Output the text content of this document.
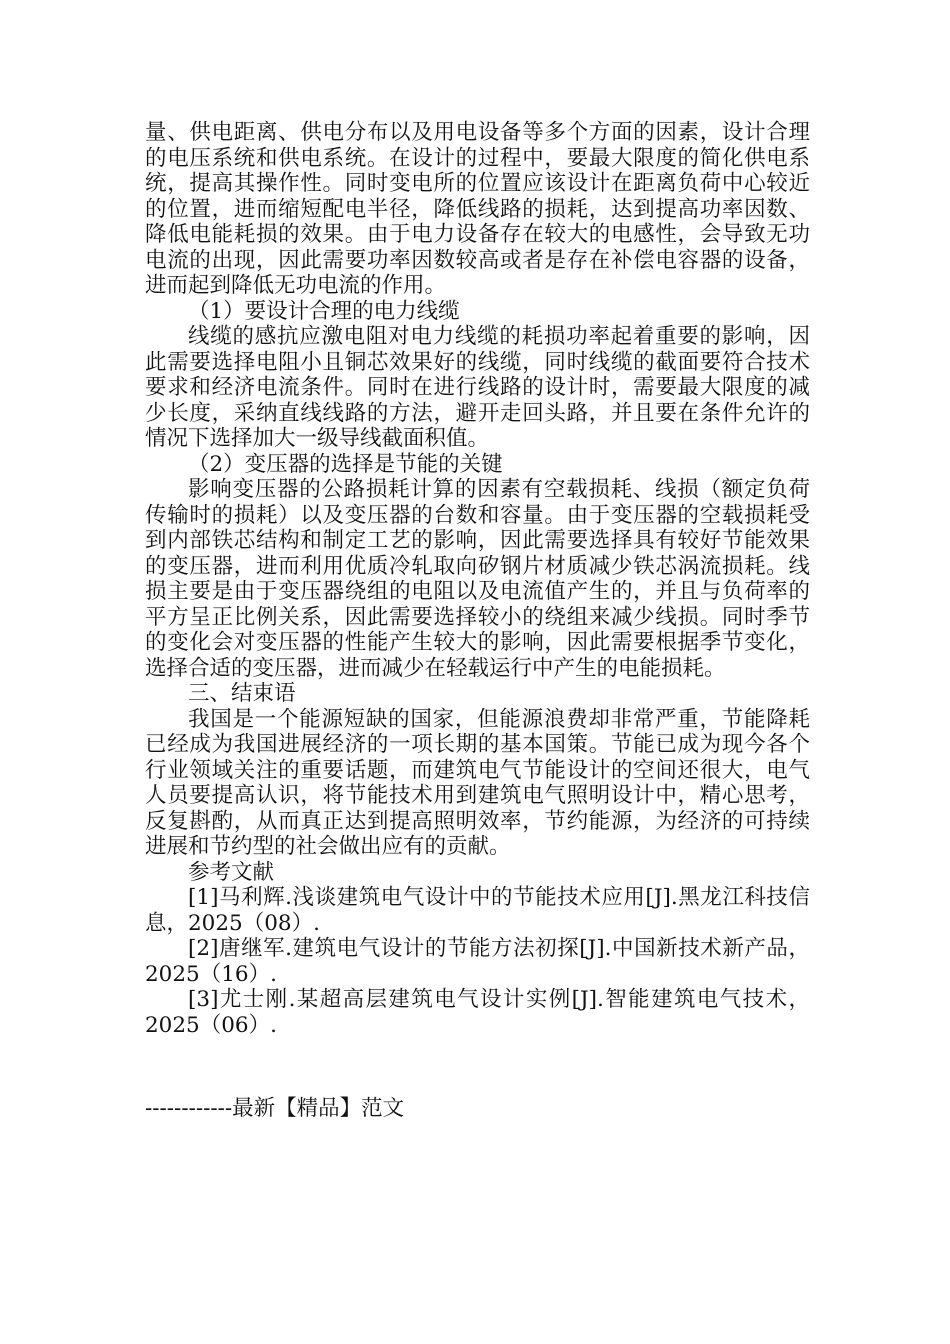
量、供电距离、供电分布以及用电设备等多个方面的因素，设计合理的电压系统和供电系统。在设计的过程中，要最大限度的简化供电系统，提高其操作性。同时变电所的位置应该设计在距离负荷中心较近的位置，进而缩短配电半径，降低线路的损耗，达到提高功率因数、降低电能耗损的效果。由于电力设备存在较大的电感性，会导致无功电流的出现，因此需要功率因数较高或者是存在补偿电容器的设备，进而起到降低无功电流的作用。

（1）要设计合理的电力线缆

线缆的感抗应激电阻对电力线缆的耗损功率起着重要的影响，因此需要选择电阻小且铜芯效果好的线缆，同时线缆的截面要符合技术要求和经济电流条件。同时在进行线路的设计时，需要最大限度的减少长度，采纳直线线路的方法，避开走回头路，并且要在条件允许的情况下选择加大一级导线截面积值。

（2）变压器的选择是节能的关键

影响变压器的公路损耗计算的因素有空载损耗、线损（额定负荷传输时的损耗）以及变压器的台数和容量。由于变压器的空载损耗受到内部铁芯结构和制定工艺的影响，因此需要选择具有较好节能效果的变压器，进而利用优质冷轧取向矽钢片材质减少铁芯涡流损耗。线损主要是由于变压器绕组的电阻以及电流值产生的，并且与负荷率的平方呈正比例关系，因此需要选择较小的绕组来减少线损。同时季节的变化会对变压器的性能产生较大的影响，因此需要根据季节变化，选择合适的变压器，进而减少在轻载运行中产生的电能损耗。

三、结束语

我国是一个能源短缺的国家，但能源浪费却非常严重，节能降耗已经成为我国进展经济的一项长期的基本国策。节能已成为现今各个行业领域关注的重要话题，而建筑电气节能设计的空间还很大，电气人员要提高认识，将节能技术用到建筑电气照明设计中，精心思考，反复斟酌，从而真正达到提高照明效率，节约能源，为经济的可持续进展和节约型的社会做出应有的贡献。

参考文献

[1]马利辉.浅谈建筑电气设计中的节能技术应用[J].黑龙江科技信息，2025（08）.

[2]唐继军.建筑电气设计的节能方法初探[J].中国新技术新产品，2025（16）.

[3]尤士刚.某超高层建筑电气设计实例[J].智能建筑电气技术，2025（06）.

------------最新【精品】范文
